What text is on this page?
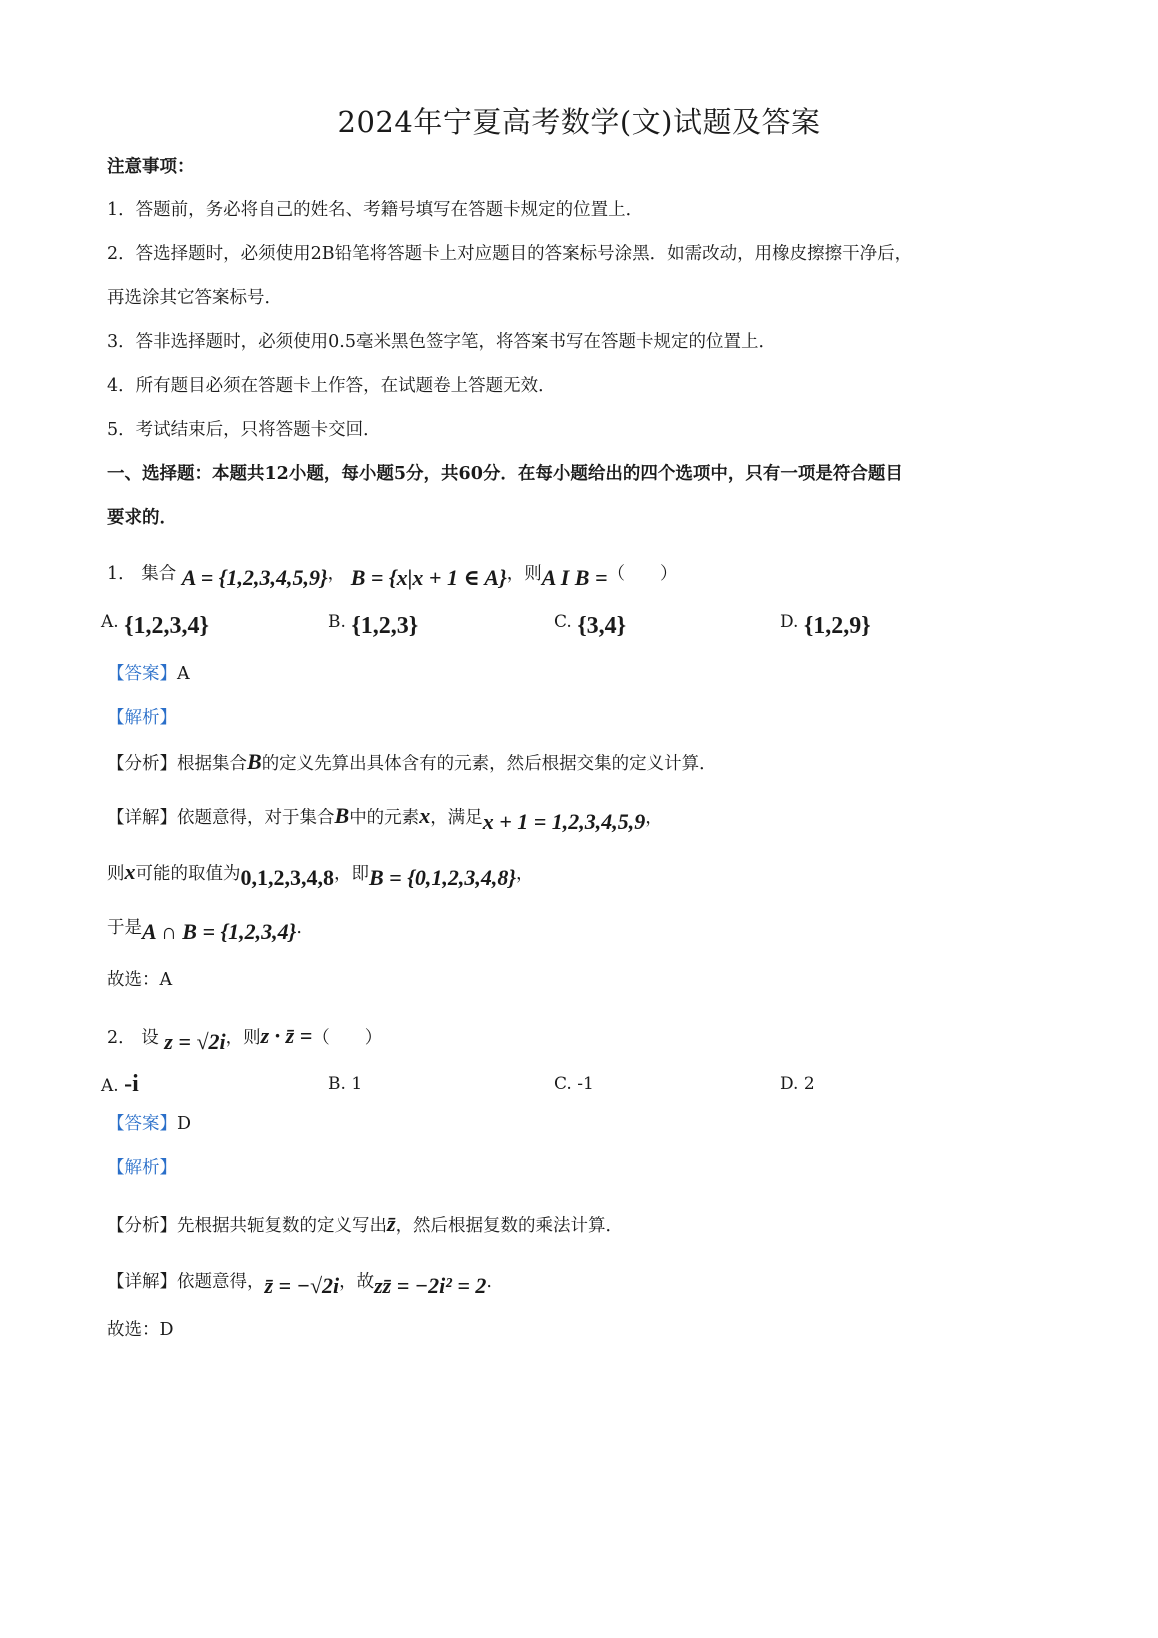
2024年宁夏高考数学(文)试题及答案
注意事项：
1．答题前，务必将自己的姓名、考籍号填写在答题卡规定的位置上．
2．答选择题时，必须使用2B铅笔将答题卡上对应题目的答案标号涂黑．如需改动，用橡皮擦擦干净后，
再选涂其它答案标号．
3．答非选择题时，必须使用0.5毫米黑色签字笔，将答案书写在答题卡规定的位置上．
4．所有题目必须在答题卡上作答，在试题卷上答题无效．
5．考试结束后，只将答题卡交回．
一、选择题：本题共12小题，每小题5分，共60分．在每小题给出的四个选项中，只有一项是符合题目
要求的．
1． 集合 A = {1,2,3,4,5,9}， B = {x|x + 1 ∈ A}，则A I B =（　　）
A. {1,2,3,4}	B. {1,2,3}	C. {3,4}	D. {1,2,9}
【答案】A
【解析】
【分析】根据集合B的定义先算出具体含有的元素，然后根据交集的定义计算．
【详解】依题意得，对于集合B中的元素x，满足x + 1 = 1,2,3,4,5,9，
则x可能的取值为0,1,2,3,4,8，即B = {0,1,2,3,4,8}，
于是A ∩ B = {1,2,3,4}.
故选：A
2． 设 z = √2i，则z · z̄ =（　　）
A. -i	B. 1	C. -1	D. 2
【答案】D
【解析】
【分析】先根据共轭复数的定义写出z̄，然后根据复数的乘法计算．
【详解】依题意得，z̄ = −√2i，故zz̄ = −2i² = 2.
故选：D
